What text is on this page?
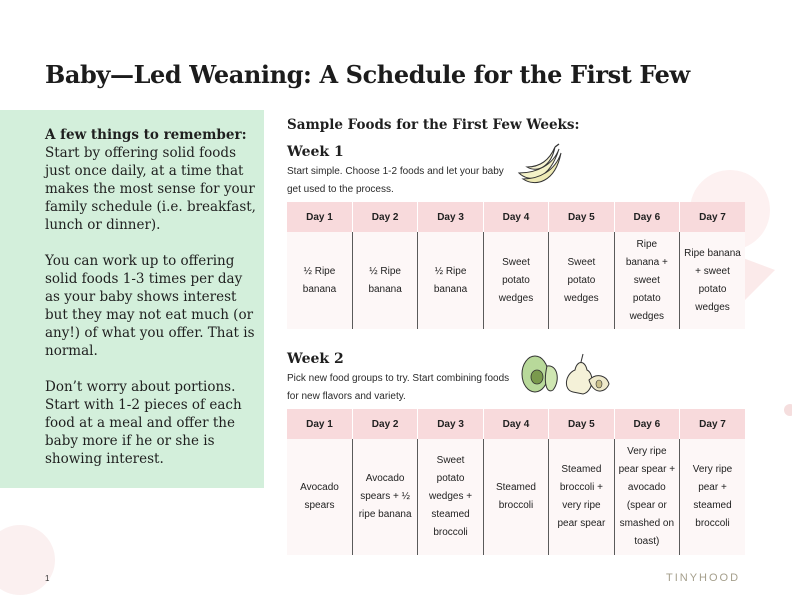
Baby—Led Weaning: A Schedule for the First Few
A few things to remember:

Start by offering solid foods just once daily, at a time that makes the most sense for your family schedule (i.e. breakfast, lunch or dinner).

You can work up to offering solid foods 1-3 times per day as your baby shows interest but they may not eat much (or any!) of what you offer. That is normal.

Don’t worry about portions. Start with 1-2 pieces of each food at a meal and offer the baby more if he or she is showing interest.

Sample Foods for the First Few Weeks:
Week 1

Start simple. Choose 1-2 foods and let your baby get used to the process.

Day 1	Day 2	Day 3	Day 4	Day 5	Day 6	Day 7
½ Ripe banana	½ Ripe banana	½ Ripe banana	Sweet potato wedges	Sweet potato wedges	Ripe banana + sweet potato wedges	Ripe banana + sweet potato wedges
Week 2

Pick new food groups to try. Start combining foods for new flavors and variety.

Day 1	Day 2	Day 3	Day 4	Day 5	Day 6	Day 7
Avocado spears	Avocado spears + ½ ripe banana	Sweet potato wedges + steamed broccoli	Steamed broccoli	Steamed broccoli + very ripe pear spear	Very ripe pear spear + avocado (spear or smashed on toast)	Very ripe pear + steamed broccoli
1	TINYHOOD
